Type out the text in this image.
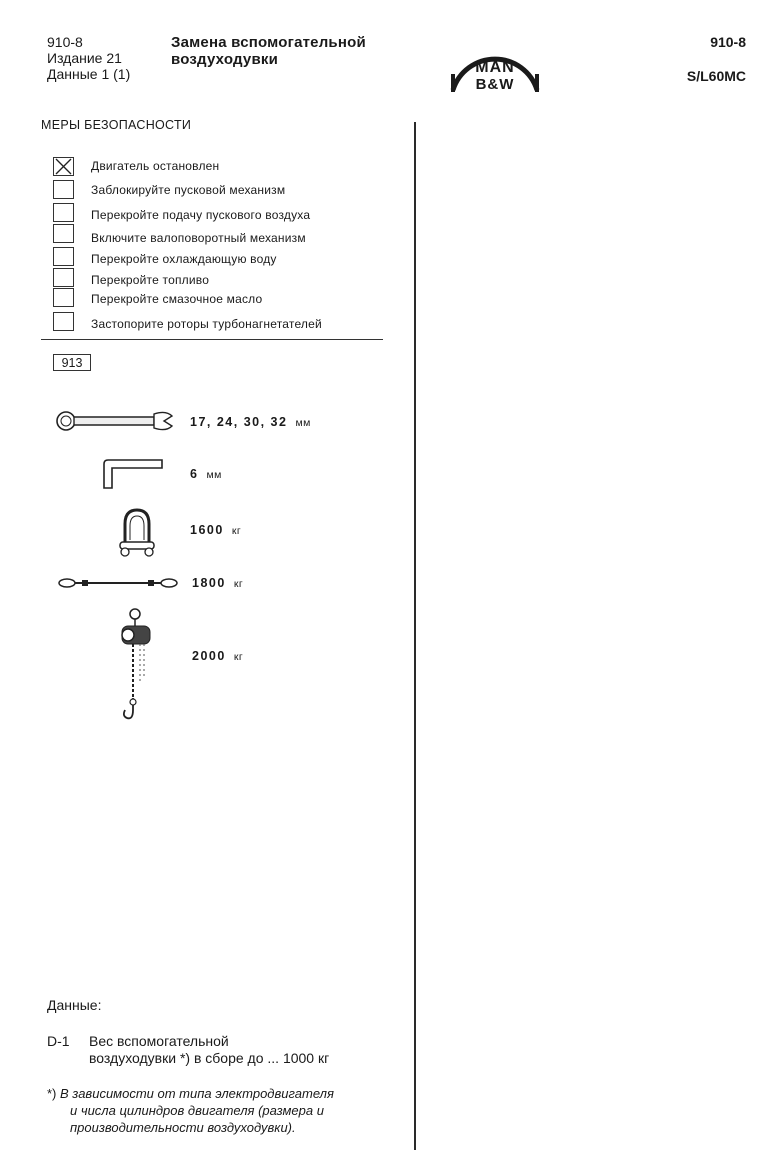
910-8
Издание 21
Данные 1 (1)
Замена вспомогательной
воздуходувки	MAN
B&W
910-8
S/L60MC
МЕРЫ БЕЗОПАСНОСТИ
Двигатель остановлен
Заблокируйте пусковой механизм
Перекройте подачу пускового воздуха
Включите валоповоротный механизм
Перекройте охлаждающую воду
Перекройте топливо
Перекройте смазочное масло
Застопорите роторы турбонагнетателей
913
17, 24, 30, 32 мм
6 мм
1600 кг
1800 кг
2000 кг
Данные:
D-1 Вес вспомогательной
воздуходувки *) в сборе до ... 1000 кг
*) В зависимости от типа электродвигателя
и числа цилиндров двигателя (размера и
производительности воздуходувки).
